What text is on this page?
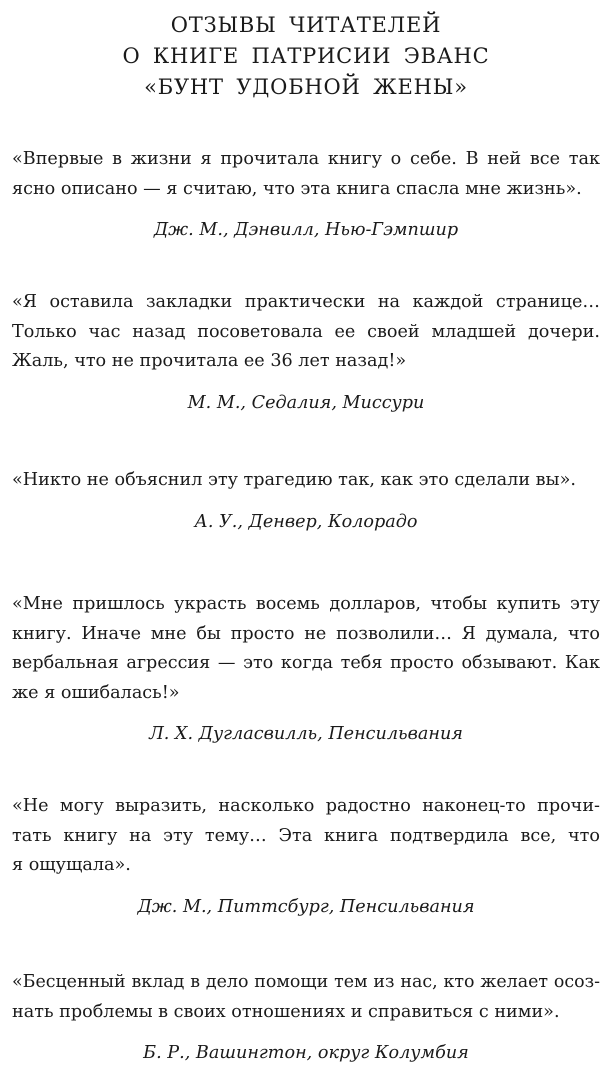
ОТЗЫВЫ ЧИТАТЕЛЕЙ
О КНИГЕ ПАТРИСИИ ЭВАНС
«БУНТ УДОБНОЙ ЖЕНЫ»
«Впервые в жизни я прочитала книгу о себе. В ней все так
ясно описано — я считаю, что эта книга спасла мне жизнь».
Дж. М., Дэнвилл, Нью-Гэмпшир
«Я оставила закладки практически на каждой странице…
Только час назад посоветовала ее своей младшей дочери.
Жаль, что не прочитала ее 36 лет назад!»
М. М., Седалия, Миссури
«Никто не объяснил эту трагедию так, как это сделали вы».
А. У., Денвер, Колорадо
«Мне пришлось украсть восемь долларов, чтобы купить эту
книгу. Иначе мне бы просто не позволили… Я думала, что
вербальная агрессия — это когда тебя просто обзывают. Как
же я ошибалась!»
Л. Х. Дугласвилль, Пенсильвания
«Не могу выразить, насколько радостно наконец-то прочи-
тать книгу на эту тему… Эта книга подтвердила все, что
я ощущала».
Дж. М., Питтсбург, Пенсильвания
«Бесценный вклад в дело помощи тем из нас, кто желает осоз-
нать проблемы в своих отношениях и справиться с ними».
Б. Р., Вашингтон, округ Колумбия
